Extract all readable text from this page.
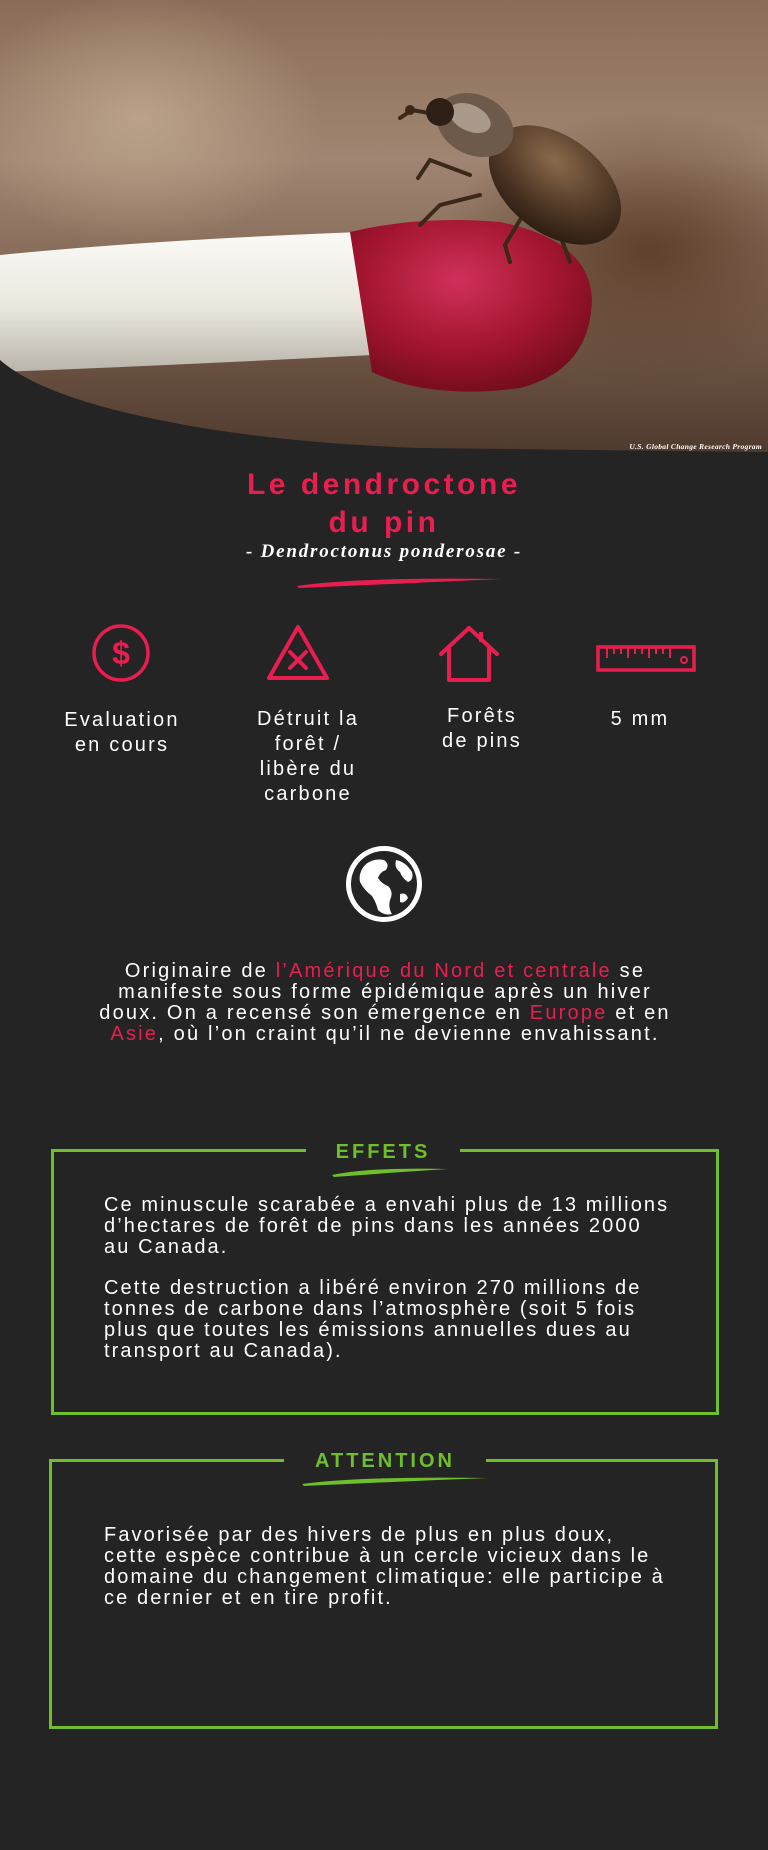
U.S. Global Change Research Program
Le dendroctone
du pin
- Dendroctonus ponderosae -
$
Evaluation
en cours
Détruit la
forêt /
libère du
carbone
Forêts
de pins
5 mm
Originaire de l’Amérique du Nord et centrale se manifeste sous forme épidémique après un hiver doux. On a recensé son émergence en Europe et en Asie, où l’on craint qu’il ne devienne envahissant.
EFFETS
Ce minuscule scarabée a envahi plus de 13 millions d’hectares de forêt de pins dans les années 2000 au Canada.
Cette destruction a libéré environ 270 millions de tonnes de carbone dans l’atmosphère (soit 5 fois plus que toutes les émissions annuelles dues au transport au Canada).
ATTENTION
Favorisée par des hivers de plus en plus doux, cette espèce contribue à un cercle vicieux dans le domaine du changement climatique: elle participe à ce dernier et en tire profit.
